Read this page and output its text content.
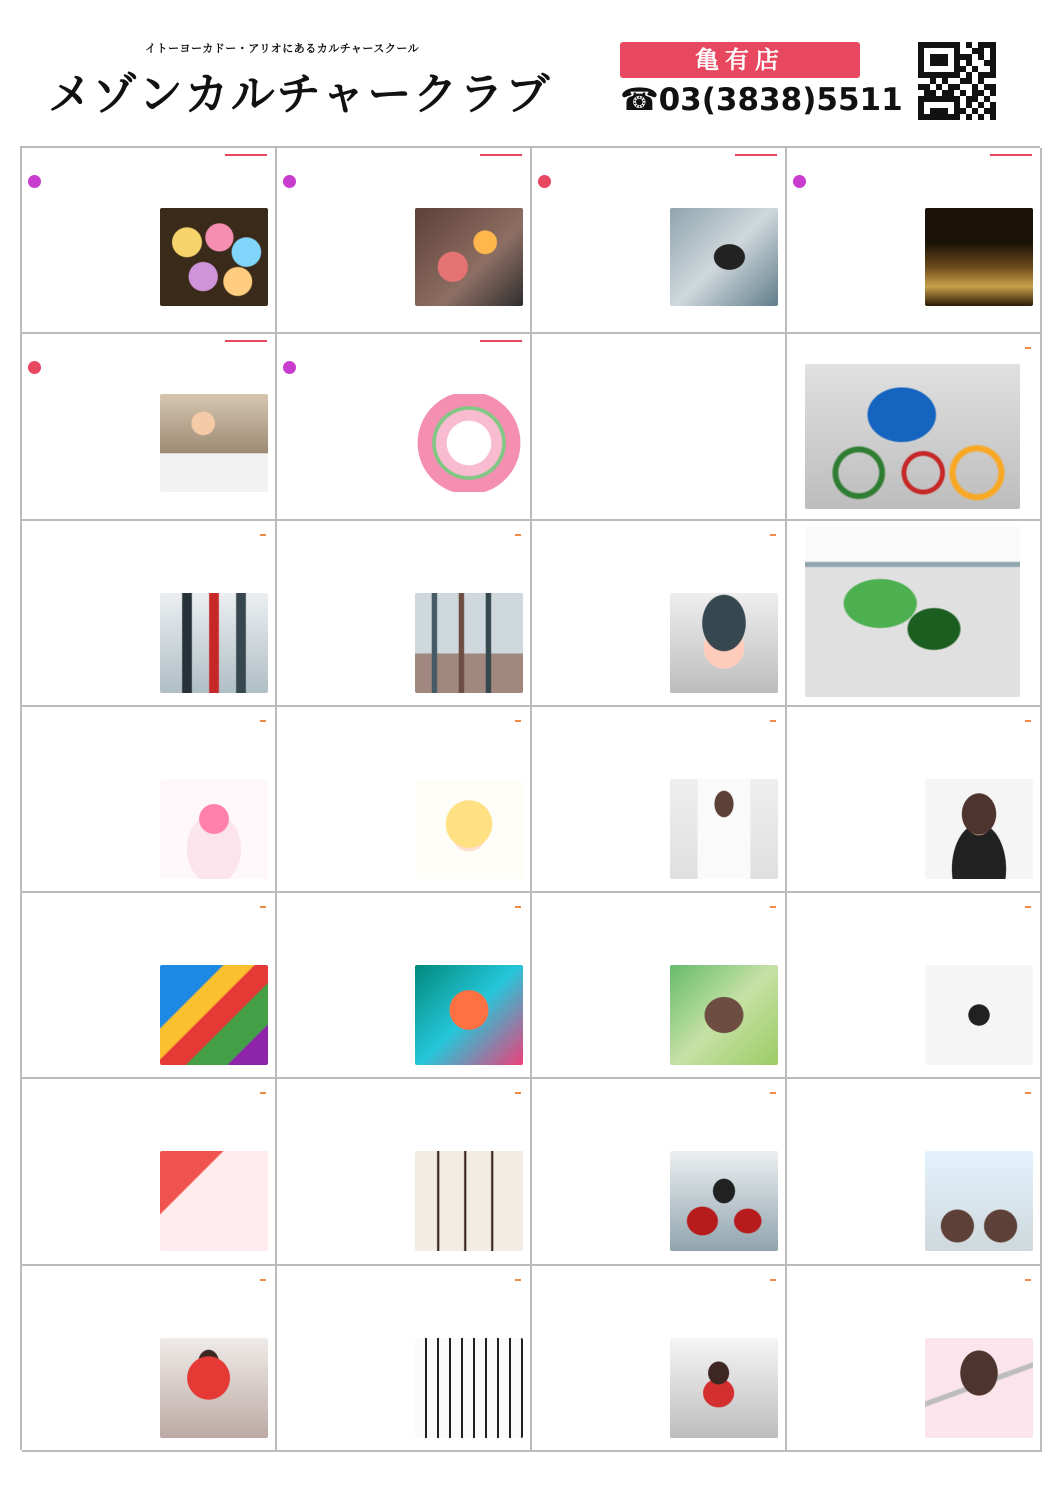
イトーヨーカドー・アリオにあるカルチャースクール
メゾンカルチャークラブ
亀有店
☎03(3838)5511
